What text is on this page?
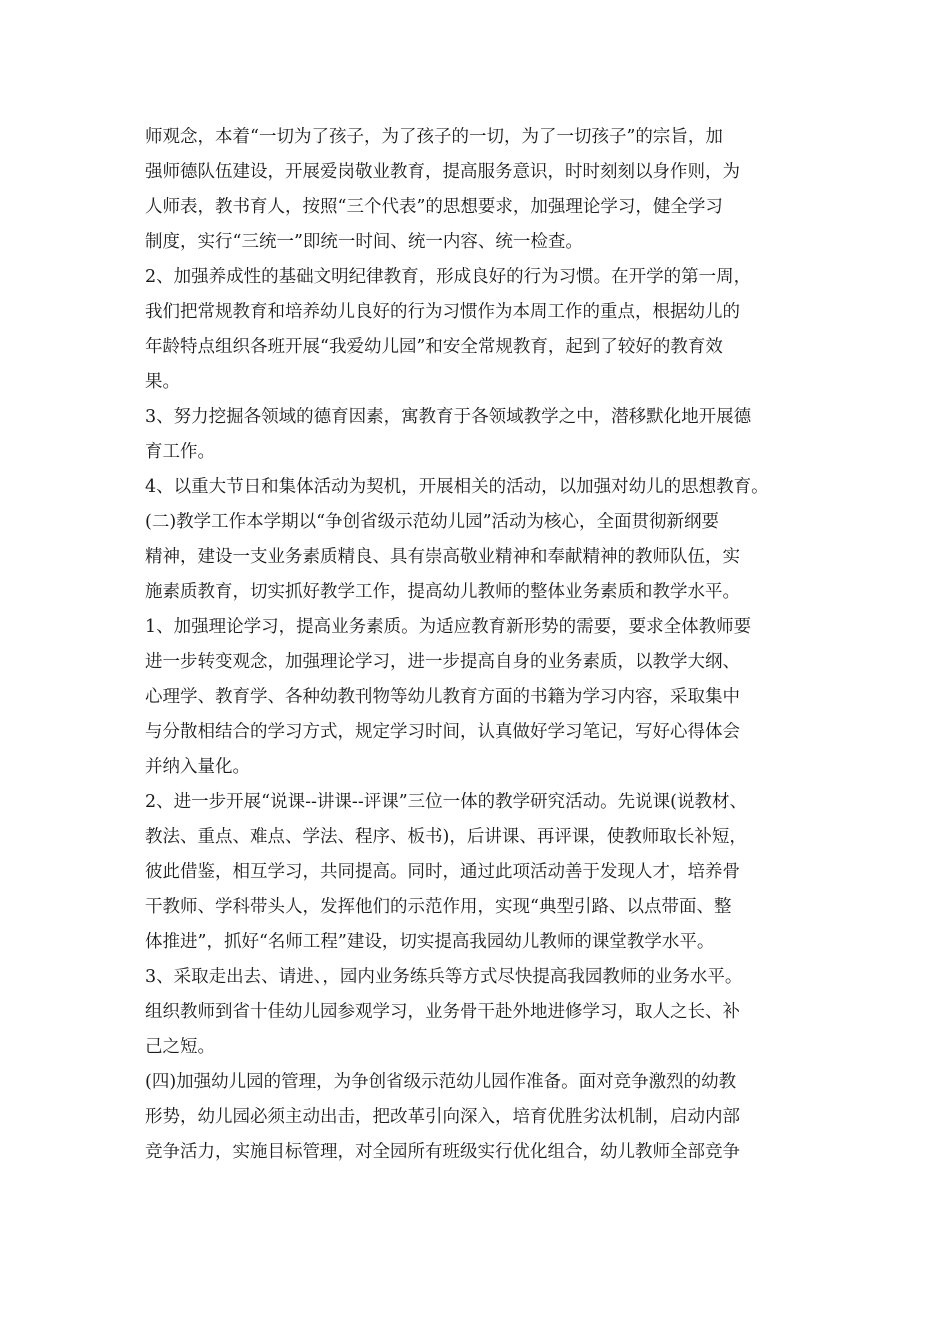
师观念，本着“一切为了孩子，为了孩子的一切，为了一切孩子”的宗旨，加
强师德队伍建设，开展爱岗敬业教育，提高服务意识，时时刻刻以身作则，为
人师表，教书育人，按照“三个代表”的思想要求，加强理论学习，健全学习
制度，实行“三统一”即统一时间、统一内容、统一检查。
2、加强养成性的基础文明纪律教育，形成良好的行为习惯。在开学的第一周，
我们把常规教育和培养幼儿良好的行为习惯作为本周工作的重点，根据幼儿的
年龄特点组织各班开展“我爱幼儿园”和安全常规教育，起到了较好的教育效
果。
3、努力挖掘各领域的德育因素，寓教育于各领域教学之中，潜移默化地开展德
育工作。
4、以重大节日和集体活动为契机，开展相关的活动，以加强对幼儿的思想教育。
(二)教学工作本学期以“争创省级示范幼儿园”活动为核心，全面贯彻新纲要
精神，建设一支业务素质精良、具有崇高敬业精神和奉献精神的教师队伍，实
施素质教育，切实抓好教学工作，提高幼儿教师的整体业务素质和教学水平。
1、加强理论学习，提高业务素质。为适应教育新形势的需要，要求全体教师要
进一步转变观念，加强理论学习，进一步提高自身的业务素质，以教学大纲、
心理学、教育学、各种幼教刊物等幼儿教育方面的书籍为学习内容，采取集中
与分散相结合的学习方式，规定学习时间，认真做好学习笔记，写好心得体会
并纳入量化。
2、进一步开展“说课--讲课--评课”三位一体的教学研究活动。先说课(说教材、
教法、重点、难点、学法、程序、板书)，后讲课、再评课，使教师取长补短，
彼此借鉴，相互学习，共同提高。同时，通过此项活动善于发现人才，培养骨
干教师、学科带头人，发挥他们的示范作用，实现“典型引路、以点带面、整
体推进”，抓好“名师工程”建设，切实提高我园幼儿教师的课堂教学水平。
3、采取走出去、请进、，园内业务练兵等方式尽快提高我园教师的业务水平。
组织教师到省十佳幼儿园参观学习，业务骨干赴外地进修学习，取人之长、补
己之短。
(四)加强幼儿园的管理，为争创省级示范幼儿园作准备。面对竞争激烈的幼教
形势，幼儿园必须主动出击，把改革引向深入，培育优胜劣汰机制，启动内部
竞争活力，实施目标管理，对全园所有班级实行优化组合，幼儿教师全部竞争
